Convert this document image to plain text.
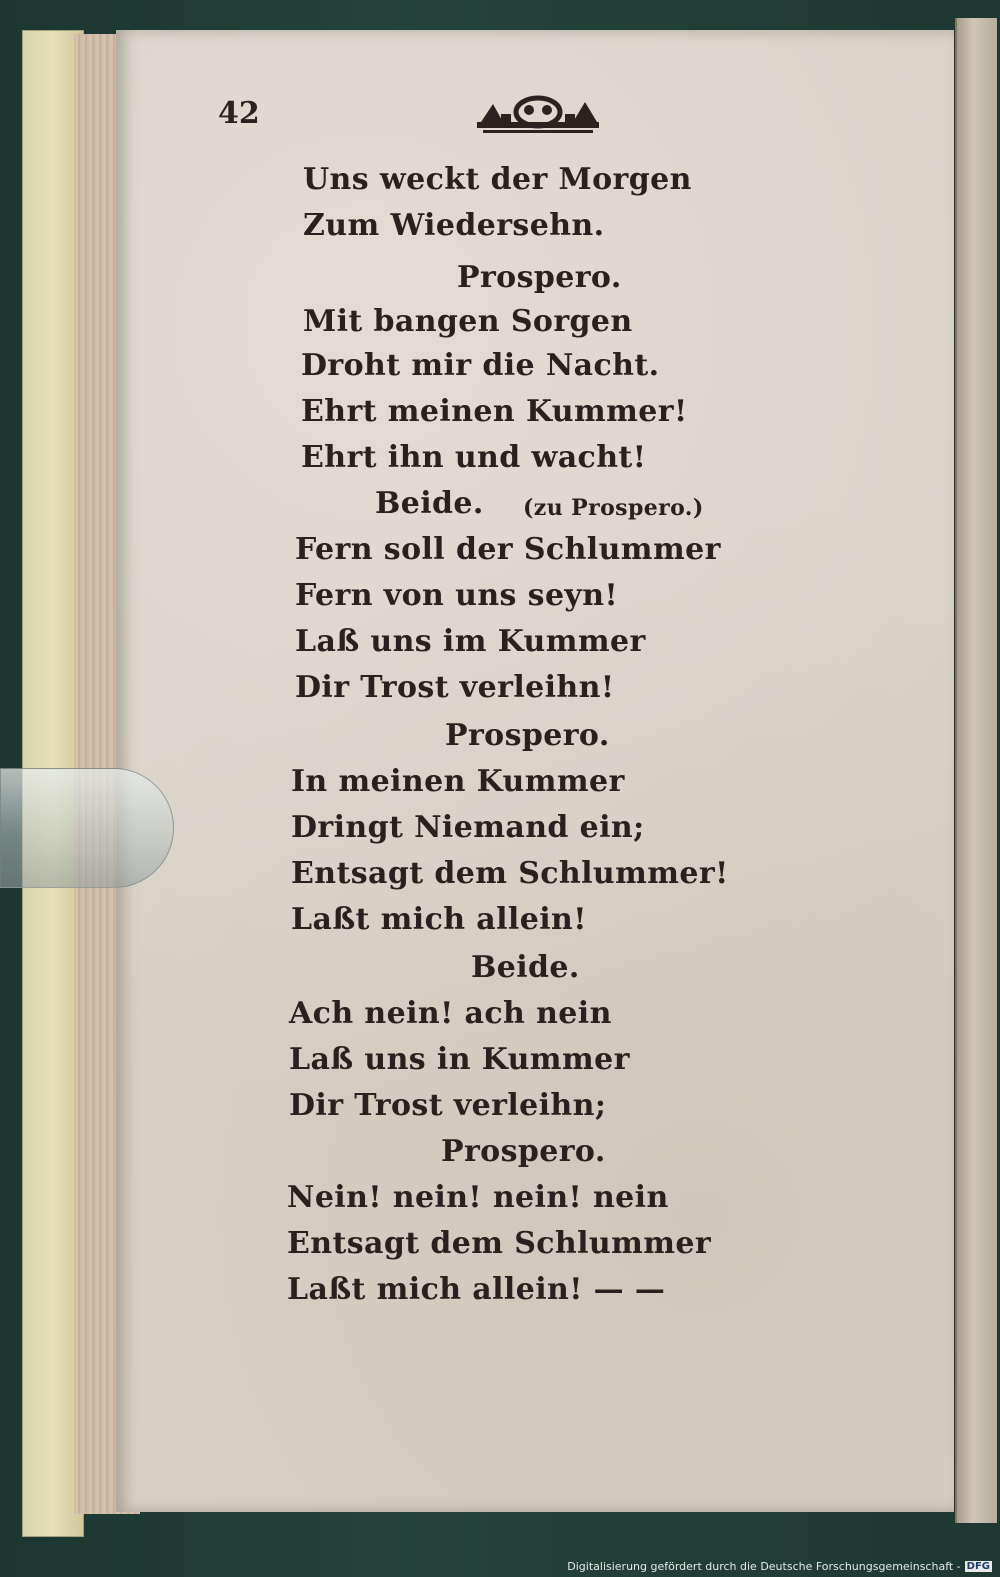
42
Uns weckt der Morgen
Zum Wiedersehn.
Prospero.
Mit bangen Sorgen
Droht mir die Nacht.
Ehrt meinen Kummer!
Ehrt ihn und wacht!
Beide. (zu Prospero.)
Fern soll der Schlummer
Fern von uns seyn!
Laß uns im Kummer
Dir Trost verleihn!
Prospero.
In meinen Kummer
Dringt Niemand ein;
Entsagt dem Schlummer!
Laßt mich allein!
Beide.
Ach nein! ach nein
Laß uns in Kummer
Dir Trost verleihn;
Prospero.
Nein! nein! nein! nein
Entsagt dem Schlummer
Laßt mich allein! — —
Digitalisierung gefördert durch die Deutsche Forschungsgemeinschaft - DFG
